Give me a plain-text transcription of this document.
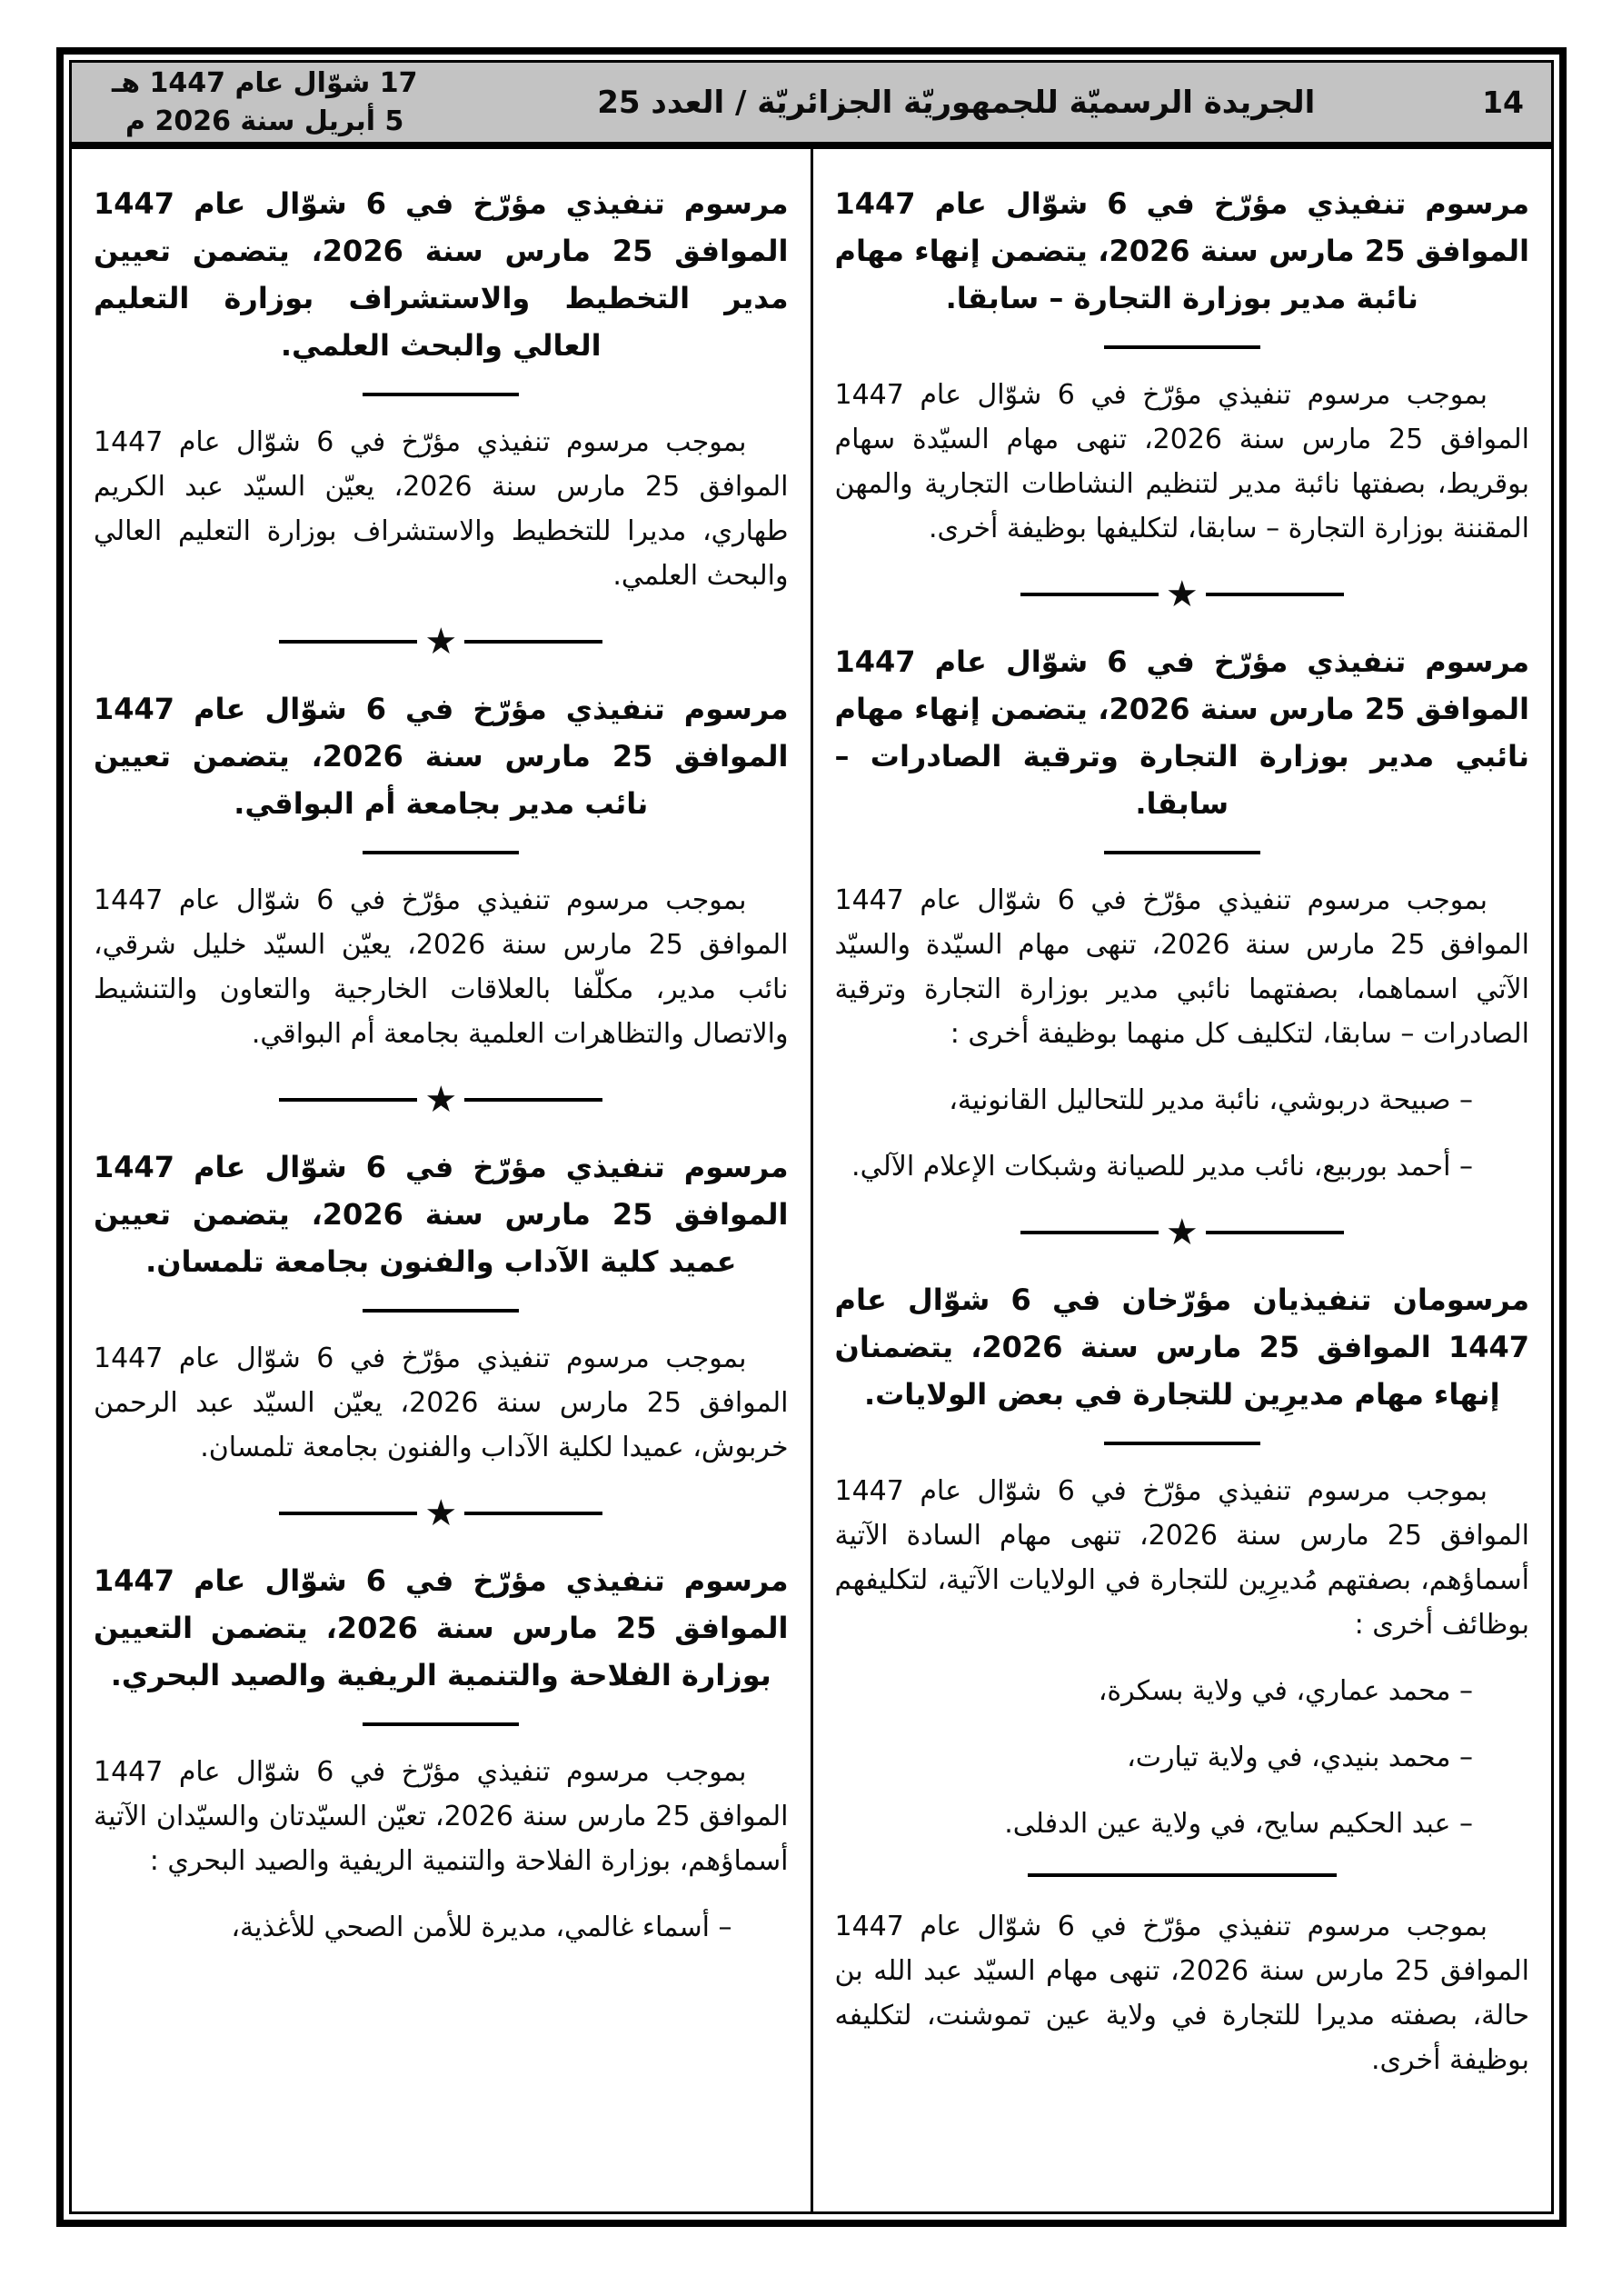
14
الجريدة الرسميّة للجمهوريّة الجزائريّة / العدد 25
17 شوّال عام 1447 هـ
5 أبريل سنة 2026 م
مرسوم تنفيذي مؤرّخ في 6 شوّال عام 1447 الموافق 25 مارس سنة 2026، يتضمن إنهاء مهام نائبة مدير بوزارة التجارة – سابقا.

بموجب مرسوم تنفيذي مؤرّخ في 6 شوّال عام 1447 الموافق 25 مارس سنة 2026، تنهى مهام السيّدة سهام بوقريط، بصفتها نائبة مدير لتنظيم النشاطات التجارية والمهن المقننة بوزارة التجارة – سابقا، لتكليفها بوظيفة أخرى.

★
مرسوم تنفيذي مؤرّخ في 6 شوّال عام 1447 الموافق 25 مارس سنة 2026، يتضمن إنهاء مهام نائبي مدير بوزارة التجارة وترقية الصادرات – سابقا.

بموجب مرسوم تنفيذي مؤرّخ في 6 شوّال عام 1447 الموافق 25 مارس سنة 2026، تنهى مهام السيّدة والسيّد الآتي اسماهما، بصفتهما نائبي مدير بوزارة التجارة وترقية الصادرات – سابقا، لتكليف كل منهما بوظيفة أخرى :

– صبيحة دربوشي، نائبة مدير للتحاليل القانونية،

– أحمد بوربيع، نائب مدير للصيانة وشبكات الإعلام الآلي.

★
مرسومان تنفيذيان مؤرّخان في 6 شوّال عام 1447 الموافق 25 مارس سنة 2026، يتضمنان إنهاء مهام مديرِين للتجارة في بعض الولايات.

بموجب مرسوم تنفيذي مؤرّخ في 6 شوّال عام 1447 الموافق 25 مارس سنة 2026، تنهى مهام السادة الآتية أسماؤهم، بصفتهم مُديرِين للتجارة في الولايات الآتية، لتكليفهم بوظائف أخرى :

– محمد عماري، في ولاية بسكرة،

– محمد بنيدي، في ولاية تيارت،

– عبد الحكيم سايح، في ولاية عين الدفلى.

بموجب مرسوم تنفيذي مؤرّخ في 6 شوّال عام 1447 الموافق 25 مارس سنة 2026، تنهى مهام السيّد عبد الله بن حالة، بصفته مديرا للتجارة في ولاية عين تموشنت، لتكليفه بوظيفة أخرى.

مرسوم تنفيذي مؤرّخ في 6 شوّال عام 1447 الموافق 25 مارس سنة 2026، يتضمن تعيين مدير التخطيط والاستشراف بوزارة التعليم العالي والبحث العلمي.

بموجب مرسوم تنفيذي مؤرّخ في 6 شوّال عام 1447 الموافق 25 مارس سنة 2026، يعيّن السيّد عبد الكريم طهاري، مديرا للتخطيط والاستشراف بوزارة التعليم العالي والبحث العلمي.

★
مرسوم تنفيذي مؤرّخ في 6 شوّال عام 1447 الموافق 25 مارس سنة 2026، يتضمن تعيين نائب مدير بجامعة أم البواقي.

بموجب مرسوم تنفيذي مؤرّخ في 6 شوّال عام 1447 الموافق 25 مارس سنة 2026، يعيّن السيّد خليل شرقي، نائب مدير، مكلّفا بالعلاقات الخارجية والتعاون والتنشيط والاتصال والتظاهرات العلمية بجامعة أم البواقي.

★
مرسوم تنفيذي مؤرّخ في 6 شوّال عام 1447 الموافق 25 مارس سنة 2026، يتضمن تعيين عميد كلية الآداب والفنون بجامعة تلمسان.

بموجب مرسوم تنفيذي مؤرّخ في 6 شوّال عام 1447 الموافق 25 مارس سنة 2026، يعيّن السيّد عبد الرحمن خربوش، عميدا لكلية الآداب والفنون بجامعة تلمسان.

★
مرسوم تنفيذي مؤرّخ في 6 شوّال عام 1447 الموافق 25 مارس سنة 2026، يتضمن التعيين بوزارة الفلاحة والتنمية الريفية والصيد البحري.

بموجب مرسوم تنفيذي مؤرّخ في 6 شوّال عام 1447 الموافق 25 مارس سنة 2026، تعيّن السيّدتان والسيّدان الآتية أسماؤهم، بوزارة الفلاحة والتنمية الريفية والصيد البحري :

– أسماء غالمي، مديرة للأمن الصحي للأغذية،
